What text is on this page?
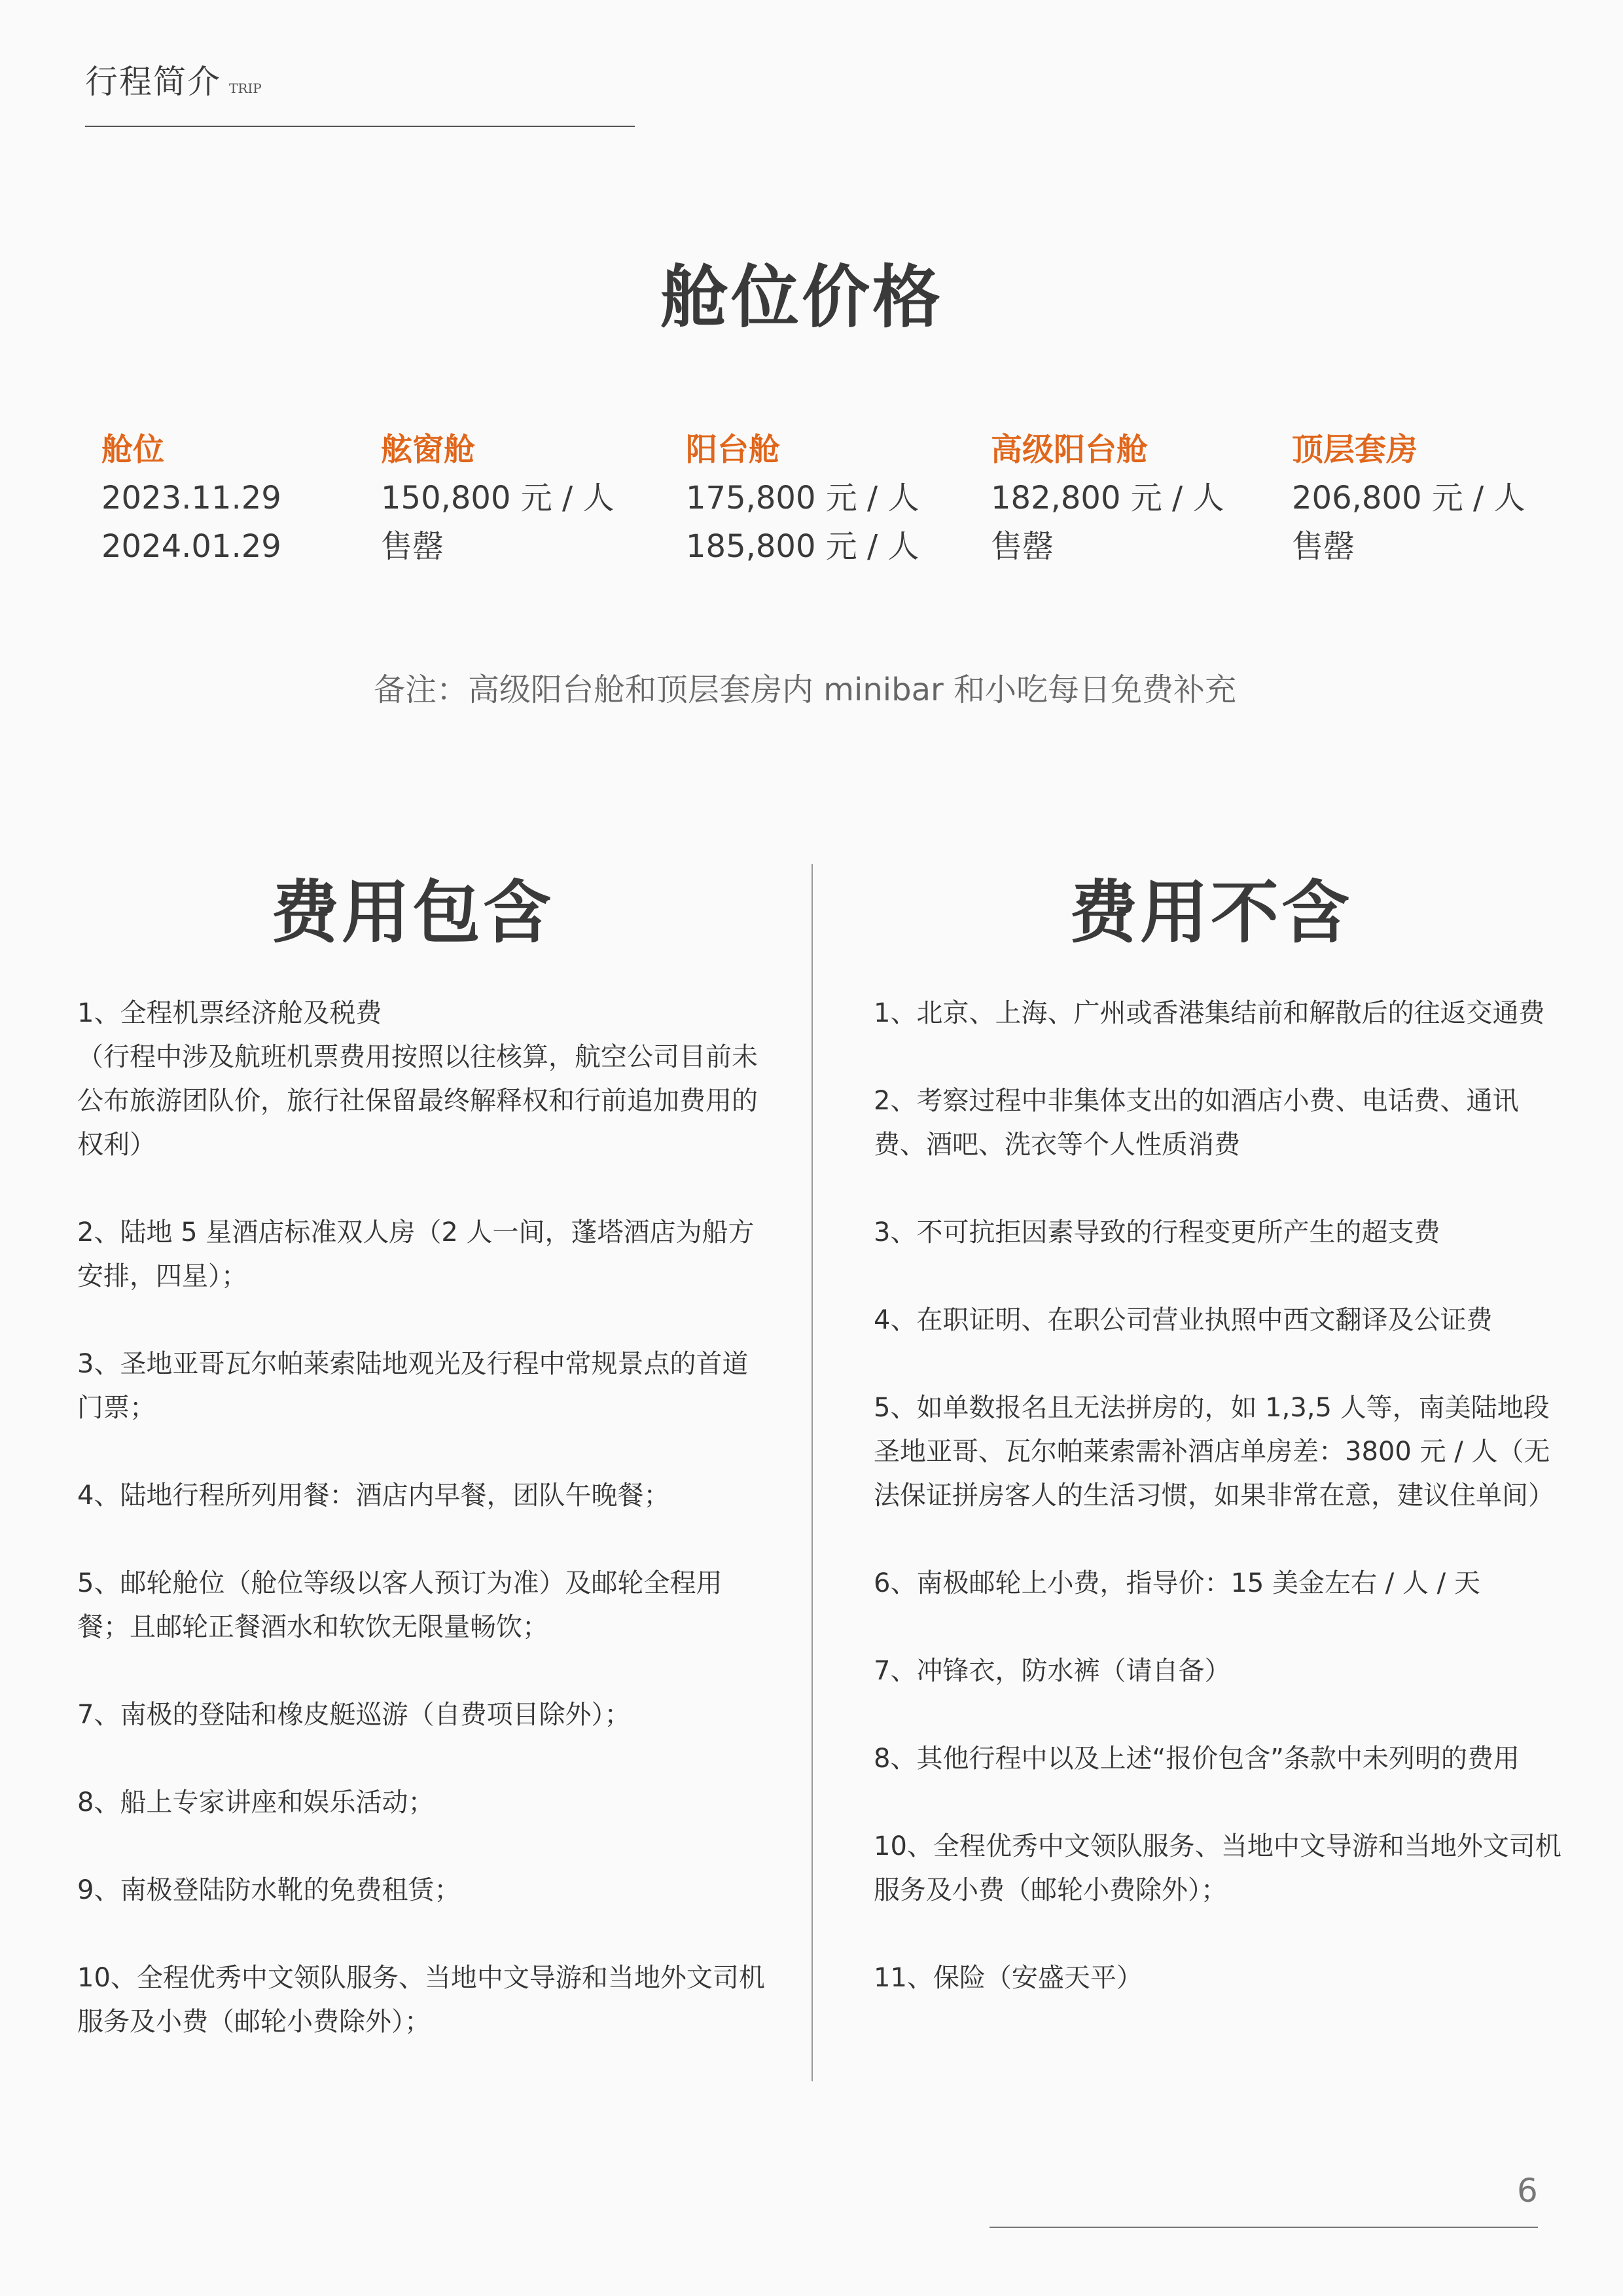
行程简介 TRIP
舱位价格
舱位
2023.11.29
2024.01.29
舷窗舱
150,800 元 / 人
售罄
阳台舱
175,800 元 / 人
185,800 元 / 人
高级阳台舱
182,800 元 / 人
售罄
顶层套房
206,800 元 / 人
售罄
备注：高级阳台舱和顶层套房内 minibar 和小吃每日免费补充
费用包含	费用不含
1、全程机票经济舱及税费
（行程中涉及航班机票费用按照以往核算，航空公司目前未公布旅游团队价，旅行社保留最终解释权和行前追加费用的权利）
2、陆地 5 星酒店标准双人房（2 人一间，蓬塔酒店为船方安排，四星）；
3、圣地亚哥瓦尔帕莱索陆地观光及行程中常规景点的首道门票；
4、陆地行程所列用餐：酒店内早餐，团队午晚餐；
5、邮轮舱位（舱位等级以客人预订为准）及邮轮全程用餐；且邮轮正餐酒水和软饮无限量畅饮；
7、南极的登陆和橡皮艇巡游（自费项目除外）；
8、船上专家讲座和娱乐活动；
9、南极登陆防水靴的免费租赁；
10、全程优秀中文领队服务、当地中文导游和当地外文司机服务及小费（邮轮小费除外）；
1、北京、上海、广州或香港集结前和解散后的往返交通费
2、考察过程中非集体支出的如酒店小费、电话费、通讯费、酒吧、洗衣等个人性质消费
3、不可抗拒因素导致的行程变更所产生的超支费
4、在职证明、在职公司营业执照中西文翻译及公证费
5、如单数报名且无法拼房的，如 1,3,5 人等，南美陆地段圣地亚哥、瓦尔帕莱索需补酒店单房差：3800 元 / 人（无法保证拼房客人的生活习惯，如果非常在意，建议住单间）
6、南极邮轮上小费，指导价：15 美金左右 / 人 / 天
7、冲锋衣，防水裤（请自备）
8、其他行程中以及上述“报价包含”条款中未列明的费用
10、全程优秀中文领队服务、当地中文导游和当地外文司机服务及小费（邮轮小费除外）；
11、保险（安盛天平）
6
